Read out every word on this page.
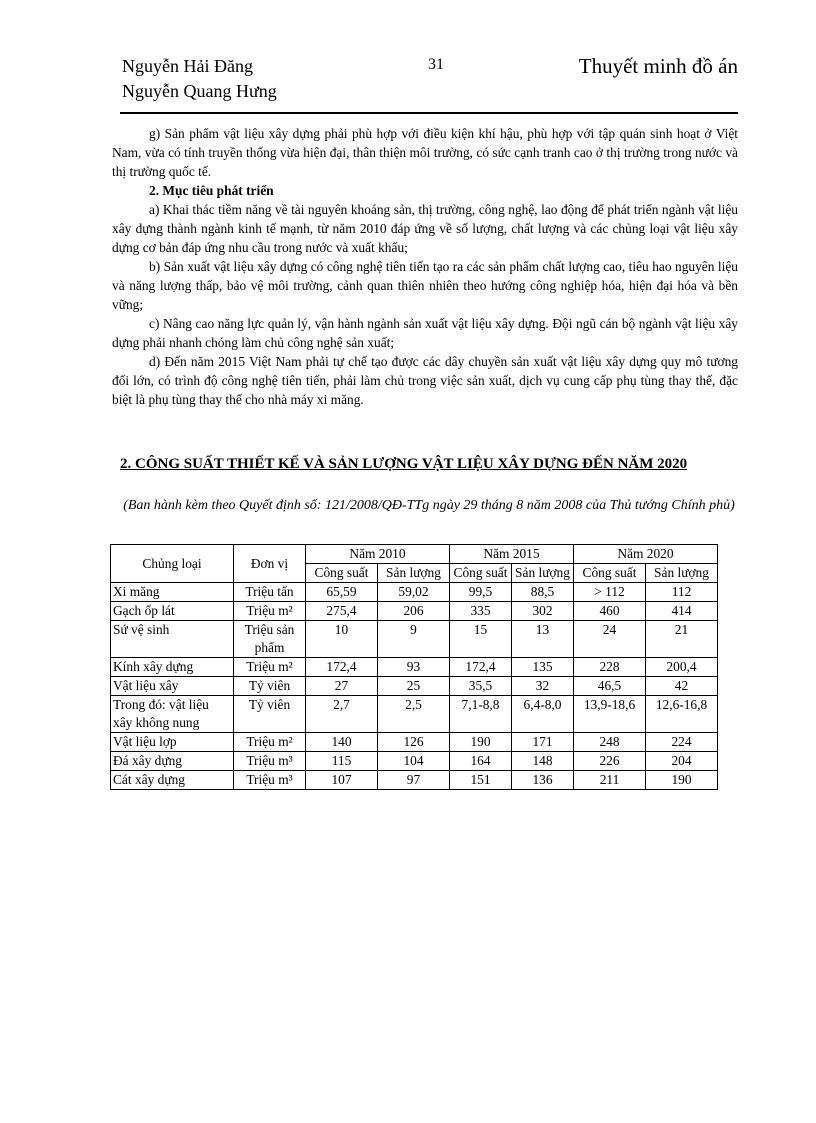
Nguyễn Hải Đăng
Nguyễn Quang Hưng
31	Thuyết minh đồ án

g) Sản phẩm vật liệu xây dựng phải phù hợp với điều kiện khí hậu, phù hợp với tập quán sinh hoạt ở Việt Nam, vừa có tính truyền thống vừa hiện đại, thân thiện môi trường, có sức cạnh tranh cao ở thị trường trong nước và thị trường quốc tế.

2. Mục tiêu phát triển

a) Khai thác tiềm năng về tài nguyên khoáng sản, thị trường, công nghệ, lao động để phát triển ngành vật liệu xây dựng thành ngành kinh tế mạnh, từ năm 2010 đáp ứng về số lượng, chất lượng và các chủng loại vật liệu xây dựng cơ bản đáp ứng nhu cầu trong nước và xuất khẩu;

b) Sản xuất vật liệu xây dựng có công nghệ tiên tiến tạo ra các sản phẩm chất lượng cao, tiêu hao nguyên liệu và năng lượng thấp, bảo vệ môi trường, cảnh quan thiên nhiên theo hướng công nghiệp hóa, hiện đại hóa và bền vững;

c) Nâng cao năng lực quản lý, vận hành ngành sản xuất vật liệu xây dựng. Đội ngũ cán bộ ngành vật liệu xây dựng phải nhanh chóng làm chủ công nghệ sản xuất;

d) Đến năm 2015 Việt Nam phải tự chế tạo được các dây chuyền sản xuất vật liệu xây dựng quy mô tương đối lớn, có trình độ công nghệ tiên tiến, phải làm chủ trong việc sản xuất, dịch vụ cung cấp phụ tùng thay thế, đặc biệt là phụ tùng thay thế cho nhà máy xi măng.

2. CÔNG SUẤT THIẾT KẾ VÀ SẢN LƯỢNG VẬT LIỆU XÂY DỰNG ĐẾN NĂM 2020
(Ban hành kèm theo Quyết định số: 121/2008/QĐ-TTg ngày 29 tháng 8 năm 2008 của Thủ tướng Chính phủ)
Chủng loại	Đơn vị	Năm 2010		Năm 2015		Năm 2020	
		Công suất	Sản lượng	Công suất	Sản lượng	Công suất	Sản lượng
Xi măng	Triệu tấn	65,59	59,02	99,5	88,5	> 112	112
Gạch ốp lát	Triệu m²	275,4	206	335	302	460	414
Sứ vệ sinh	Triệu sản phẩm	10	9	15	13	24	21
Kính xây dựng	Triệu m²	172,4	93	172,4	135	228	200,4
Vật liệu xây	Tỷ viên	27	25	35,5	32	46,5	42
Trong đó: vật liệu xây không nung	Tỷ viên	2,7	2,5	7,1-8,8	6,4-8,0	13,9-18,6	12,6-16,8
Vật liệu lợp	Triệu m²	140	126	190	171	248	224
Đá xây dựng	Triệu m³	115	104	164	148	226	204
Cát xây dựng	Triệu m³	107	97	151	136	211	190
